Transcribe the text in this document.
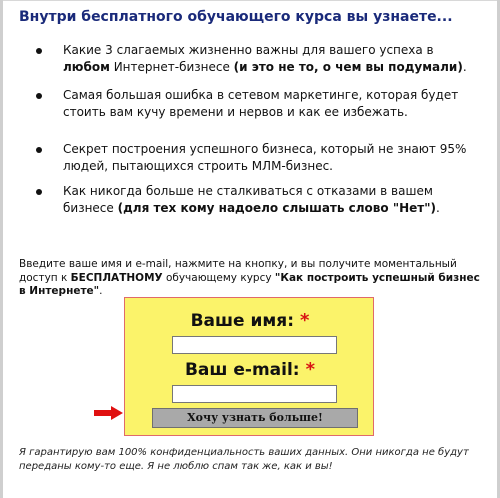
Внутри бесплатного обучающего курса вы узнаете...
Какие 3 слагаемых жизненно важны для вашего успеха в любом Интернет-бизнесе (и это не то, о чем вы подумали).
Самая большая ошибка в сетевом маркетинге, которая будет стоить вам кучу времени и нервов и как ее избежать.
Секрет построения успешного бизнеса, который не знают 95% людей, пытающихся строить МЛМ-бизнес.
Как никогда больше не сталкиваться с отказами в вашем бизнесе (для тех кому надоело слышать слово "Нет").

Введите ваше имя и e-mail, нажмите на кнопку, и вы получите моментальный доступ к БЕСПЛАТНОМУ обучающему курсу "Как построить успешный бизнес в Интернете".

Ваше имя: *
Ваш e-mail: *
Хочу узнать больше!

Я гарантирую вам 100% конфиденциальность ваших данных. Они никогда не будут переданы кому-то еще. Я не люблю спам так же, как и вы!
